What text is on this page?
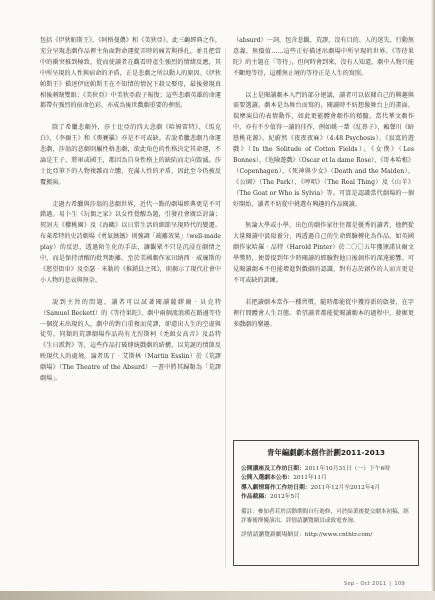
包括《伊狄帕斯王》、《阿格曼儂》和《美狄亞》。此三齣經典之作，充分呈現悲劇作品裡主角面對命運捉弄時的痛苦與掙扎，並且把當中的衝突推到極致，從而使讀者在觀看時產生強烈的情緒反應，其中所呈現的人性與宿命的矛盾，正是悲劇之所以動人的原因。《伊狄帕斯王》描述伊底帕斯王在不知情的情況下殺父娶母，最後發現真相後刺瞎雙眼；《美狄亞》中美狄亞殺子報復；這些悲劇英雄的命運都帶有強烈的宿命色彩，亦成為後世戲劇重要的參照。

除了希臘悲劇外，莎士比亞的四大悲劇《哈姆雷特》、《馬克白》、《李爾王》和《奧賽羅》亦是不可或缺。若說希臘悲劇乃命運悲劇，莎翁的悲劇則屬性格悲劇，欲此角色的性格決定其命運，不論是王子、將軍或國王，都因為自身性格上的缺陷而走向毀滅。莎士比亞筆下的人物複雜而立體，充滿人性的矛盾，因此至今仍被反覆搬演。

走過古希臘與莎翁的悲劇世界，近代一點的劇場經典更是不可錯過。易卜生《玩偶之家》以女性覺醒為題，引發社會廣泛討論；契訶夫《櫻桃園》及《海鷗》以日常生活的細節呈現時代的變遷。布萊希特的史詩劇場《勇氣媽媽》則強調「疏離效果」（well-made play）的反思，透過陌生化的手法，讓觀眾不只是沉浸在劇情之中，而是保持清醒的批判距離。至於美國劇作家田納西‧威廉斯的《慾望街車》及亞瑟‧米勒的《推銷員之死》，則揭示了現代社會中小人物的悲哀與無奈。

說到主旨的問題，讀者可以試著閱讀薩繆爾‧貝克特（Samuel Beckett）的《等待果陀》，劇中兩個流浪漢在路邊等待一個從未出現的人，劇中的對白重複而荒謬，卻道出人生的空虛與徒勞。同類的荒謬劇場作品尚有尤涅斯柯《禿頭女高音》及品特《生日派對》等，這些作品打破傳統戲劇的結構，以荒誕的情節反映現代人的處境。論者馬丁‧艾斯林（Martin Esslin）於《荒謬劇場》（The Theatre of the Absurd）一書中將其歸類為「荒謬劇場」。

（absurd）一詞，包含悲觀、荒謬、沒有目的、人的迷失、行動無意義、無價值……這些正好描述出劇場中所呈現的世界。《等待果陀》的主題在「等待」，但何時會到來，沒有人知道，劇中人物只能不斷地等待，這種無止境的等待正是人生的寫照。

以上是閱讀劇本入門的部分建議，讀者可以依據自己的興趣與需要選讀。劇本是為舞台而寫的，閱讀時不妨想像舞台上的畫面，揣摩演員的表情動作，如此更能體會劇作的精髓。當代華文劇作中，亦有不少值得一讀的佳作，例如姚一葦《紅鼻子》、賴聲川《暗戀桃花源》、紀蔚然《夜夜夜麻》（4.48 Psychosis）、《寂寞的遊戲》（In the Solitude of Cotton Fields）、《女僕》（Les Bonnes）、《危險遊戲》（Oscar et la dame Rose）、《哥本哈根》（Copenhagen）、《死神與少女》（Death and the Maiden）、《公園》（The Park）、《哼唱》（The Real Thing）及《山羊》（The Goat or Who is Sylvia）等。可算是認識當代劇場的一個好開始，讀者不妨從中挑選有興趣的作品閱讀。

無論大學或小學，出色的劇作家往往都是優秀的讀者，他們從大量閱讀中汲取養分，再透過自己的生命經驗轉化為作品。如英國劇作家哈羅‧品特（Harold Pinter）於二〇〇五年獲頒諾貝爾文學獎時，便曾提到年少時閱讀的經驗對他日後創作的深遠影響。可見閱讀劇本不但能增進對戲劇的認識，對有志於創作的人而言更是不可或缺的訓練。

若把讀劇本當作一種習慣，隨時都能從中獲得新的啟發，在字裡行間體會人生百態。希望讀者都能從閱讀劇本的過程中，發掘更多戲劇的樂趣。

青年編劇劇本創作計劃2011-2013
公開講座及工作坊日期：2011年10月31日（一）下午6時
公開入選劇本公布：2011年11月
導入劇情寫作工作坊日期：2011年12月至2012年4月
作品截稿：2012年5月
備註：參加者若於活動期間自行進修，可於結業後提交劇本初稿，經評審後擇優演出。詳情請瀏覽網頁或致電查詢。
詳情請瀏覽新劇場網頁：http://www.cnthtr.com/
Sep - Oct 2011 | 109
